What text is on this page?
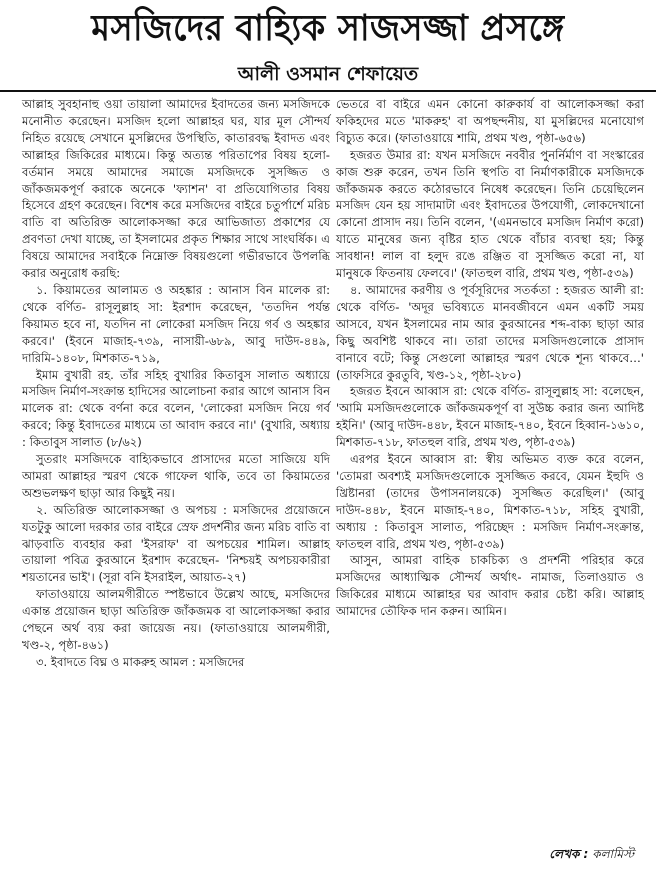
মসজিদের বাহ্যিক সাজসজ্জা প্রসঙ্গে
আলী ওসমান শেফায়েত

আল্লাহ সুবহানাহু ওয়া তায়ালা আমাদের ইবাদতের জন্য মসজিদকে মনোনীত করেছেন। মসজিদ হলো আল্লাহর ঘর, যার মূল সৌন্দর্য নিহিত রয়েছে সেখানে মুসল্লিদের উপস্থিতি, কাতারবদ্ধ ইবাদত এবং আল্লাহর জিকিরের মাধ্যমে। কিন্তু অত্যন্ত পরিতাপের বিষয় হলো- বর্তমান সময়ে আমাদের সমাজে মসজিদকে সুসজ্জিত ও জাঁকজমকপূর্ণ করাকে অনেকে 'ফ্যাশন' বা প্রতিযোগিতার বিষয় হিসেবে গ্রহণ করেছেন। বিশেষ করে মসজিদের বাইরে চতুর্পার্শে মরিচ বাতি বা অতিরিক্ত আলোকসজ্জা করে আভিজাত্য প্রকাশের যে প্রবণতা দেখা যাচ্ছে, তা ইসলামের প্রকৃত শিক্ষার সাথে সাংঘর্ষিক। এ বিষয়ে আমাদের সবাইকে নিম্নোক্ত বিষয়গুলো গভীরভাবে উপলব্ধি করার অনুরোধ করছি:

১. কিয়ামতের আলামত ও অহঙ্কার : আনাস বিন মালেক রা: থেকে বর্ণিত- রাসূলুল্লাহ সা: ইরশাদ করেছেন, 'ততদিন পর্যন্ত কিয়ামত হবে না, যতদিন না লোকেরা মসজিদ নিয়ে গর্ব ও অহঙ্কার করবে।' (ইবনে মাজাহ-৭৩৯, নাসায়ী-৬৮৯, আবু দাউদ-৪৪৯, দারিমি-১৪০৮, মিশকাত-৭১৯,

ইমাম বুখারী রহ. তাঁর সহিহ বুখারির কিতাবুস সালাত অধ্যায়ে মসজিদ নির্মাণ-সংক্রান্ত হাদিসের আলোচনা করার আগে আনাস বিন মালেক রা: থেকে বর্ণনা করে বলেন, 'লোকেরা মসজিদ নিয়ে গর্ব করবে; কিন্তু ইবাদতের মাধ্যমে তা আবাদ করবে না।' (বুখারি, অধ্যায় : কিতাবুস সালাত (৮/৬২)

সুতরাং মসজিদকে বাহ্যিকভাবে প্রাসাদের মতো সাজিয়ে যদি আমরা আল্লাহর স্মরণ থেকে গাফেল থাকি, তবে তা কিয়ামতের অশুভলক্ষণ ছাড়া আর কিছুই নয়।

২. অতিরিক্ত আলোকসজ্জা ও অপচয় : মসজিদের প্রয়োজনে যতটুকু আলো দরকার তার বাইরে স্রেফ প্রদর্শনীর জন্য মরিচ বাতি বা ঝাড়বাতি ব্যবহার করা 'ইসরাফ' বা অপচয়ের শামিল। আল্লাহ তায়ালা পবিত্র কুরআনে ইরশাদ করেছেন- 'নিশ্চয়ই অপচয়কারীরা শয়তানের ভাই'। (সূরা বনি ইসরাইল, আয়াত-২৭)

ফাতাওয়ায়ে আলমগীরীতে স্পষ্টভাবে উল্লেখ আছে, মসজিদের একান্ত প্রয়োজন ছাড়া অতিরিক্ত জাঁকজমক বা আলোকসজ্জা করার পেছনে অর্থ ব্যয় করা জায়েজ নয়। (ফাতাওয়ায়ে আলমগীরী, খণ্ড-২, পৃষ্ঠা-৪৬১)

৩. ইবাদতে বিঘ্ন ও মাকরুহ আমল : মসজিদের

ভেতরে বা বাইরে এমন কোনো কারুকার্য বা আলোকসজ্জা করা ফকিহদের মতে 'মাকরুহ' বা অপছন্দনীয়, যা মুসল্লিদের মনোযোগ বিচ্যুত করে। (ফাতাওয়ায়ে শামি, প্রথম খণ্ড, পৃষ্ঠা-৬৫৬)

হজরত উমার রা: যখন মসজিদে নববীর পুনর্নির্মাণ বা সংস্কারের কাজ শুরু করেন, তখন তিনি স্থপতি বা নির্মাণকারীকে মসজিদকে জাঁকজমক করতে কঠোরভাবে নিষেধ করেছেন। তিনি চেয়েছিলেন মসজিদ যেন হয় সাদামাটা এবং ইবাদতের উপযোগী, লোকদেখানো কোনো প্রাসাদ নয়। তিনি বলেন, '(এমনভাবে মসজিদ নির্মাণ করো) যাতে মানুষের জন্য বৃষ্টির হাত থেকে বাঁচার ব্যবস্থা হয়; কিন্তু সাবধান! লাল বা হলুদ রঙে রঞ্জিত বা সুসজ্জিত করো না, যা মানুষকে ফিতনায় ফেলবে।' (ফাতহুল বারি, প্রথম খণ্ড, পৃষ্ঠা-৫৩৯)

৪. আমাদের করণীয় ও পূর্বসূরিদের সতর্কতা : হজরত আলী রা: থেকে বর্ণিত- 'অদূর ভবিষ্যতে মানবজীবনে এমন একটি সময় আসবে, যখন ইসলামের নাম আর কুরআনের শব্দ-বাক্য ছাড়া আর কিছু অবশিষ্ট থাকবে না। তারা তাদের মসজিদগুলোকে প্রাসাদ বানাবে বটে; কিন্তু সেগুলো আল্লাহর স্মরণ থেকে শূন্য থাকবে…' (তাফসিরে কুরতুবি, খণ্ড-১২, পৃষ্ঠা-২৮০)

হজরত ইবনে আব্বাস রা: থেকে বর্ণিত- রাসূলুল্লাহ সা: বলেছেন, 'আমি মসজিদগুলোকে জাঁকজমকপূর্ণ বা সুউচ্চ করার জন্য আদিষ্ট হইনি।' (আবু দাউদ-৪৪৮, ইবনে মাজাহ-৭৪০, ইবনে হিব্বান-১৬১০, মিশকাত-৭১৮, ফাতহুল বারি, প্রথম খণ্ড, পৃষ্ঠা-৫৩৯)

এরপর ইবনে আব্বাস রা: স্বীয় অভিমত ব্যক্ত করে বলেন, 'তোমরা অবশ্যই মসজিদগুলোকে সুসজ্জিত করবে, যেমন ইহুদি ও খ্রিষ্টানরা (তাদের উপাসনালয়কে) সুসজ্জিত করেছিল।' (আবু দাউদ-৪৪৮, ইবনে মাজাহ-৭৪০, মিশকাত-৭১৮, সহিহ বুখারী, অধ্যায় : কিতাবুস সালাত, পরিচ্ছেদ : মসজিদ নির্মাণ-সংক্রান্ত, ফাতহুল বারি, প্রথম খণ্ড, পৃষ্ঠা-৫৩৯)

আসুন, আমরা বাহিক চাকচিক্য ও প্রদর্শনী পরিহার করে মসজিদের আধ্যাত্মিক সৌন্দর্য অর্থাৎ- নামাজ, তিলাওয়াত ও জিকিরের মাধ্যমে আল্লাহর ঘর আবাদ করার চেষ্টা করি। আল্লাহ আমাদের তৌফিক দান করুন। আমিন।

লেখক : কলামিস্ট
